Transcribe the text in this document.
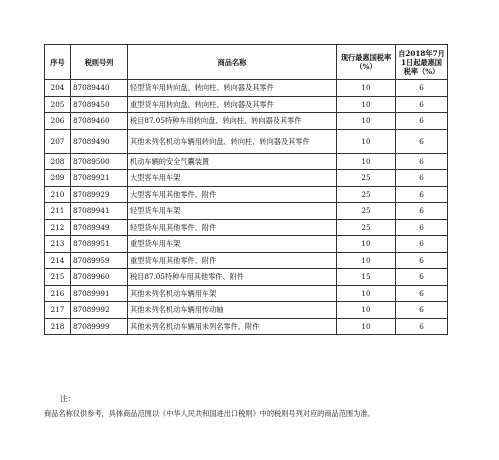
序号	税则号列	商品名称	现行最惠国税率（%）	自2018年7月1日起最惠国税率（%）
204	87089440	轻型货车用转向盘、转向柱、转向器及其零件	10	6
205	87089450	重型货车用转向盘、转向柱、转向器及其零件	10	6
206	87089460	税目87.05特种车用转向盘、转向柱、转向器及其零件	10	6
207	87089490	其他未列名机动车辆用转向盘、转向柱、转向器及其零件	10	6
208	87089500	机动车辆的安全气囊装置	10	6
209	87089921	大型客车用车架	25	6
210	87089929	大型客车用其他零件、附件	25	6
211	87089941	轻型货车用车架	25	6
212	87089949	轻型货车用其他零件、附件	25	6
213	87089951	重型货车用车架	10	6
214	87089959	重型货车用其他零件、附件	10	6
215	87089960	税目87.05特种车用其他零件、附件	15	6
216	87089991	其他未列名机动车辆用车架	10	6
217	87089992	其他未列名机动车辆用传动轴	10	6
218	87089999	其他未列名机动车辆用未列名零件、附件	10	6
注：
商品名称仅供参考，具体商品范围以《中华人民共和国进出口税则》中的税则号列对应的商品范围为准。
